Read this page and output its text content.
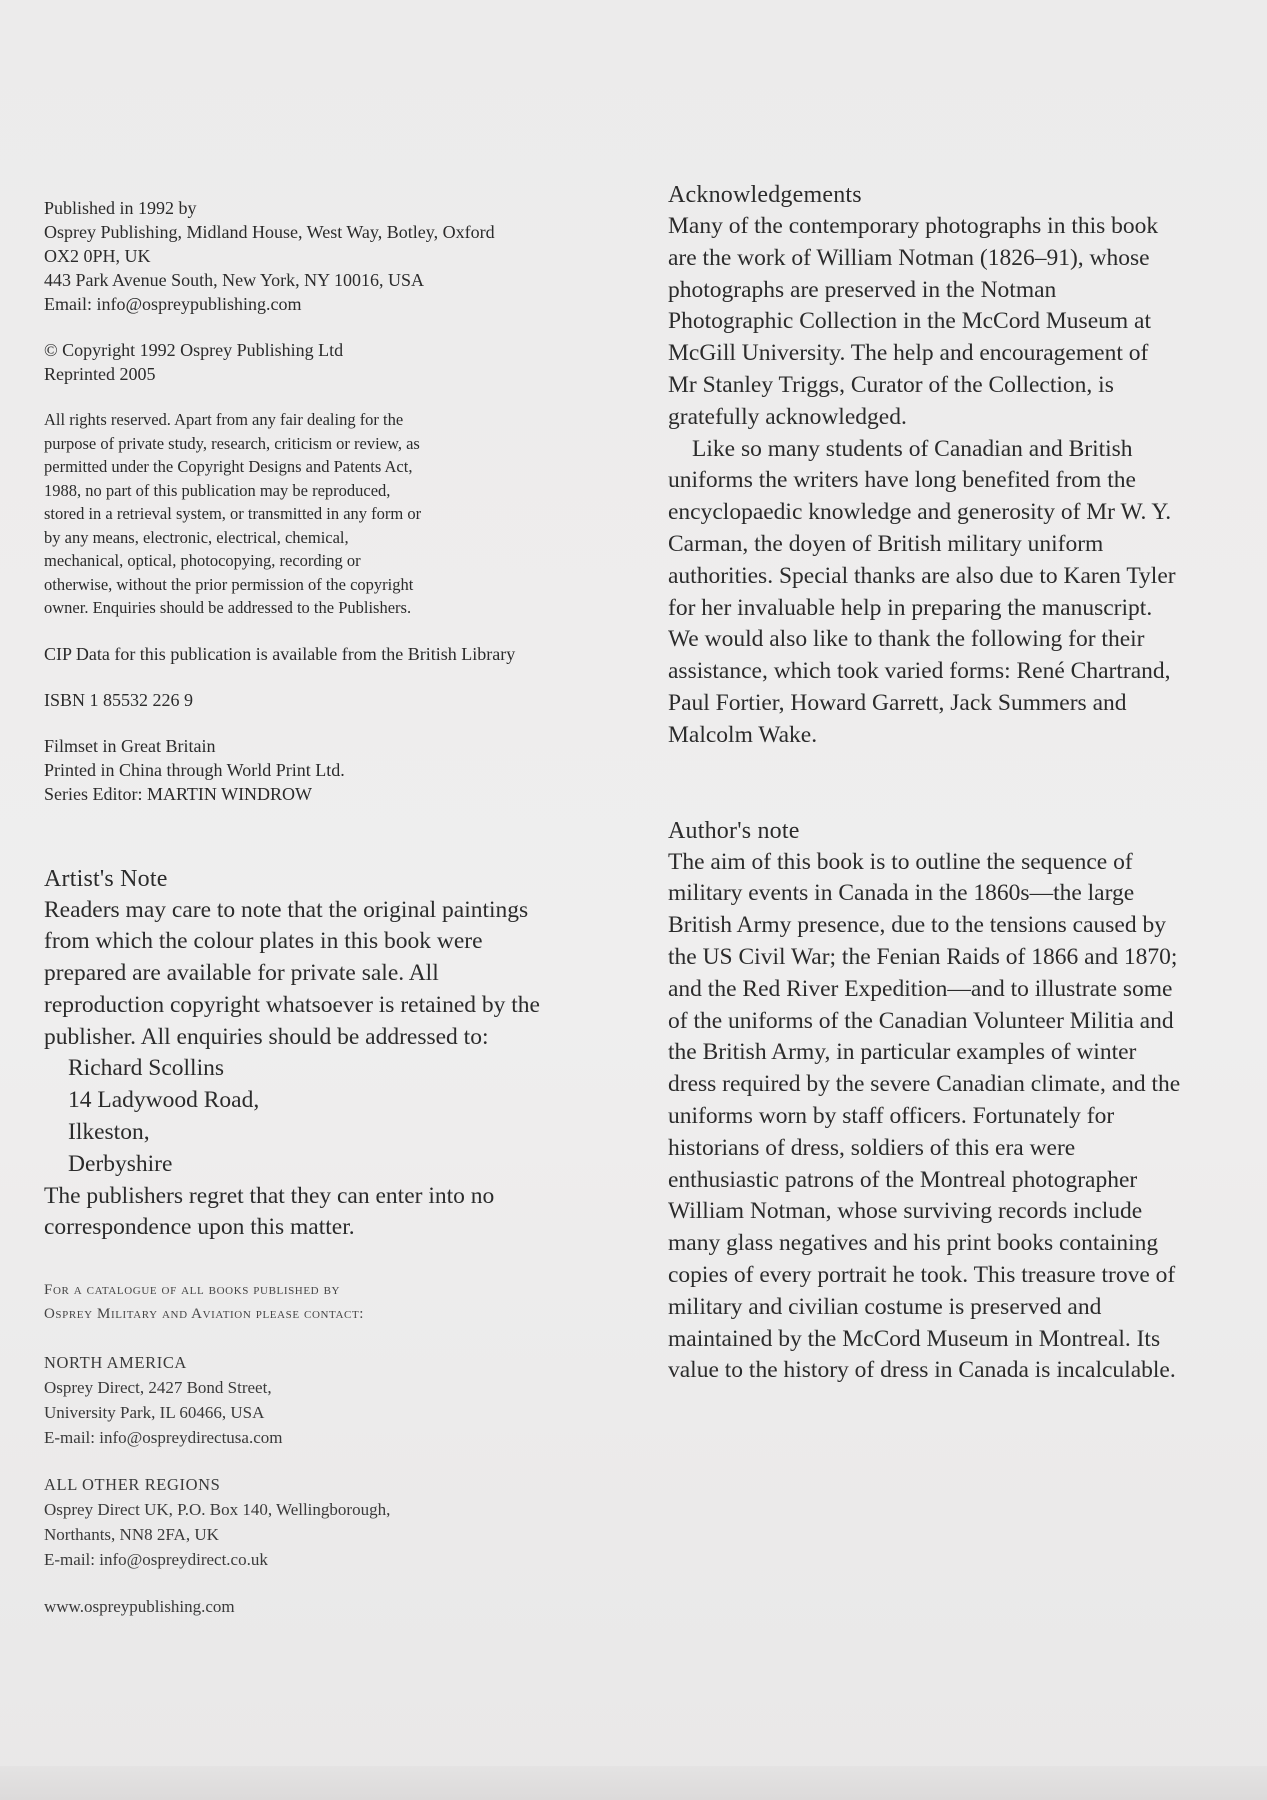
Published in 1992 by
Osprey Publishing, Midland House, West Way, Botley, Oxford
OX2 0PH, UK
443 Park Avenue South, New York, NY 10016, USA
Email: info@ospreypublishing.com

© Copyright 1992 Osprey Publishing Ltd
Reprinted 2005

All rights reserved. Apart from any fair dealing for the
purpose of private study, research, criticism or review, as
permitted under the Copyright Designs and Patents Act,
1988, no part of this publication may be reproduced,
stored in a retrieval system, or transmitted in any form or
by any means, electronic, electrical, chemical,
mechanical, optical, photocopying, recording or
otherwise, without the prior permission of the copyright
owner. Enquiries should be addressed to the Publishers.

CIP Data for this publication is available from the British Library

ISBN 1 85532 226 9

Filmset in Great Britain
Printed in China through World Print Ltd.
Series Editor: MARTIN WINDROW

Artist's Note
Readers may care to note that the original paintings
from which the colour plates in this book were
prepared are available for private sale. All
reproduction copyright whatsoever is retained by the
publisher. All enquiries should be addressed to:
Richard Scollins
14 Ladywood Road,
Ilkeston,
Derbyshire
The publishers regret that they can enter into no
correspondence upon this matter.

For a catalogue of all books published by
Osprey Military and Aviation please contact:

NORTH AMERICA
Osprey Direct, 2427 Bond Street,
University Park, IL 60466, USA
E-mail: info@ospreydirectusa.com

ALL OTHER REGIONS
Osprey Direct UK, P.O. Box 140, Wellingborough,
Northants, NN8 2FA, UK
E-mail: info@ospreydirect.co.uk

www.ospreypublishing.com

Acknowledgements
Many of the contemporary photographs in this book
are the work of William Notman (1826–91), whose
photographs are preserved in the Notman
Photographic Collection in the McCord Museum at
McGill University. The help and encouragement of
Mr Stanley Triggs, Curator of the Collection, is
gratefully acknowledged.
Like so many students of Canadian and British
uniforms the writers have long benefited from the
encyclopaedic knowledge and generosity of Mr W. Y.
Carman, the doyen of British military uniform
authorities. Special thanks are also due to Karen Tyler
for her invaluable help in preparing the manuscript.
We would also like to thank the following for their
assistance, which took varied forms: René Chartrand,
Paul Fortier, Howard Garrett, Jack Summers and
Malcolm Wake.
Author's note
The aim of this book is to outline the sequence of
military events in Canada in the 1860s—the large
British Army presence, due to the tensions caused by
the US Civil War; the Fenian Raids of 1866 and 1870;
and the Red River Expedition—and to illustrate some
of the uniforms of the Canadian Volunteer Militia and
the British Army, in particular examples of winter
dress required by the severe Canadian climate, and the
uniforms worn by staff officers. Fortunately for
historians of dress, soldiers of this era were
enthusiastic patrons of the Montreal photographer
William Notman, whose surviving records include
many glass negatives and his print books containing
copies of every portrait he took. This treasure trove of
military and civilian costume is preserved and
maintained by the McCord Museum in Montreal. Its
value to the history of dress in Canada is incalculable.
